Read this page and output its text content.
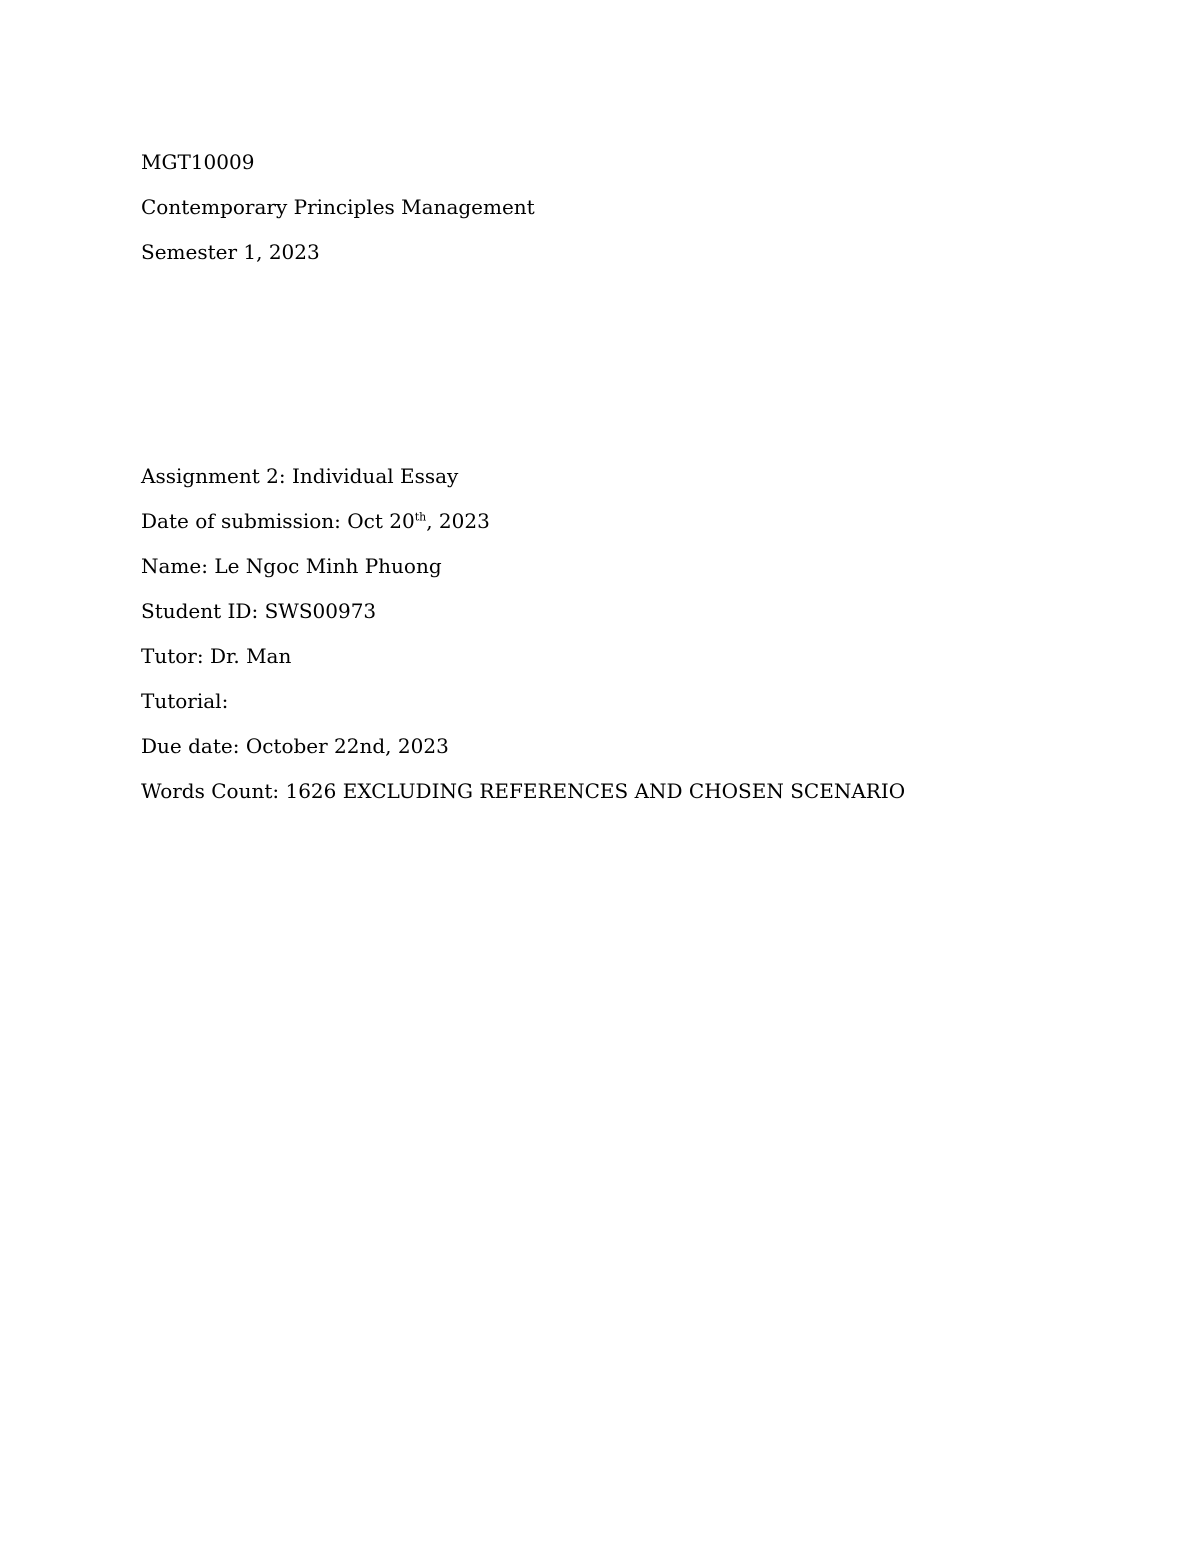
MGT10009
Contemporary Principles Management
Semester 1, 2023
Assignment 2: Individual Essay
Date of submission: Oct 20th, 2023
Name: Le Ngoc Minh Phuong
Student ID: SWS00973
Tutor: Dr. Man
Tutorial:
Due date: October 22nd, 2023
Words Count: 1626 EXCLUDING REFERENCES AND CHOSEN SCENARIO
